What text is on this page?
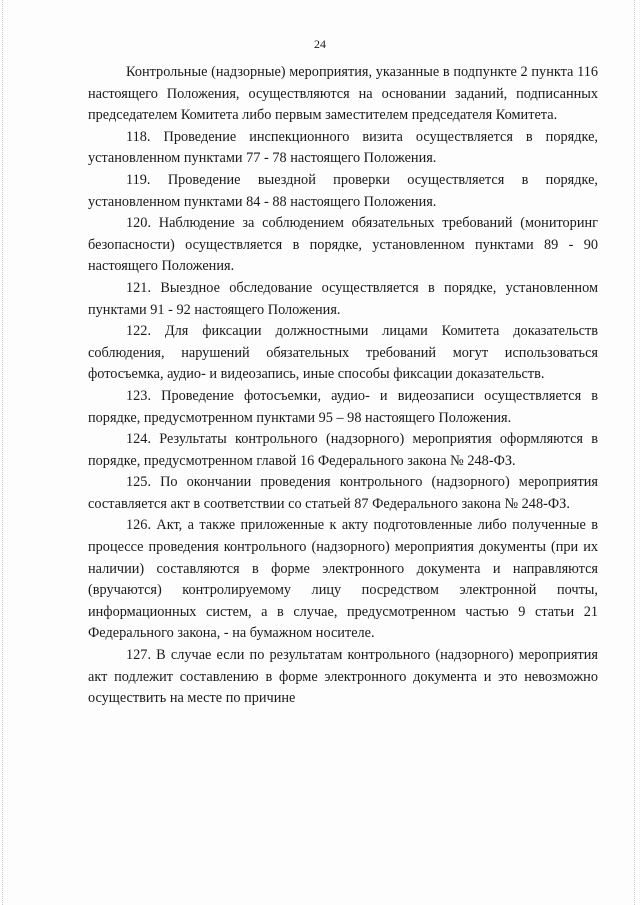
24

Контрольные (надзорные) мероприятия, указанные в подпункте 2 пункта 116 настоящего Положения, осуществляются на основании заданий, подписанных председателем Комитета либо первым заместителем председателя Комитета.

118. Проведение инспекционного визита осуществляется в порядке, установленном пунктами 77 - 78 настоящего Положения.

119. Проведение выездной проверки осуществляется в порядке, установленном пунктами 84 - 88 настоящего Положения.

120. Наблюдение за соблюдением обязательных требований (мониторинг безопасности) осуществляется в порядке, установленном пунктами 89 - 90 настоящего Положения.

121. Выездное обследование осуществляется в порядке, установленном пунктами 91 - 92 настоящего Положения.

122. Для фиксации должностными лицами Комитета доказательств соблюдения, нарушений обязательных требований могут использоваться фотосъемка, аудио- и видеозапись, иные способы фиксации доказательств.

123. Проведение фотосъемки, аудио- и видеозаписи осуществляется в порядке, предусмотренном пунктами 95 – 98 настоящего Положения.

124. Результаты контрольного (надзорного) мероприятия оформляются в порядке, предусмотренном главой 16 Федерального закона № 248-ФЗ.

125. По окончании проведения контрольного (надзорного) мероприятия составляется акт в соответствии со статьей 87 Федерального закона № 248-ФЗ.

126. Акт, а также приложенные к акту подготовленные либо полученные в процессе проведения контрольного (надзорного) мероприятия документы (при их наличии) составляются в форме электронного документа и направляются (вручаются) контролируемому лицу посредством электронной почты, информационных систем, а в случае, предусмотренном частью 9 статьи 21 Федерального закона, - на бумажном носителе.

127. В случае если по результатам контрольного (надзорного) мероприятия акт подлежит составлению в форме электронного документа и это невозможно осуществить на месте по причине
